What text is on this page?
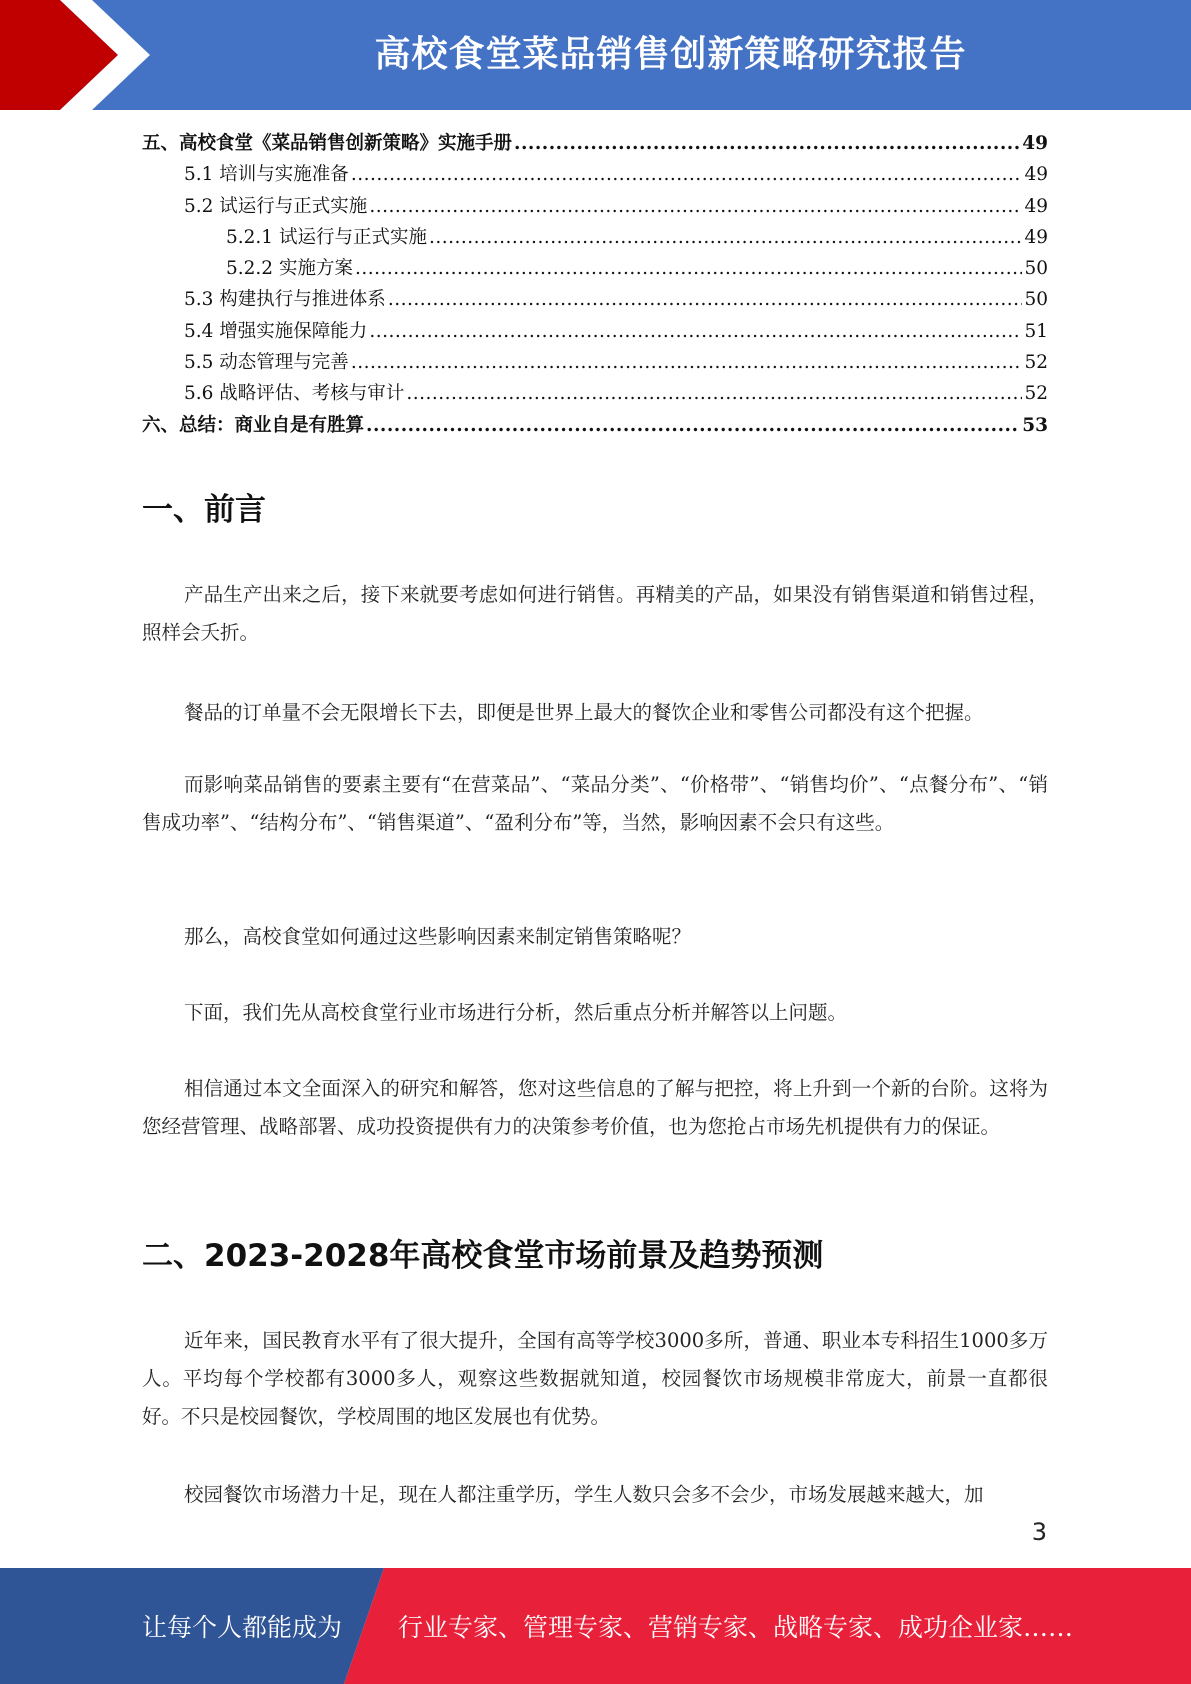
高校食堂菜品销售创新策略研究报告
五、高校食堂《菜品销售创新策略》实施手册 .....	49
5.1 培训与实施准备 .....	49
5.2 试运行与正式实施 .....	49
5.2.1 试运行与正式实施 .....	49
5.2.2 实施方案 .....	50
5.3 构建执行与推进体系 .....	50
5.4 增强实施保障能力 .....	51
5.5 动态管理与完善 .....	52
5.6 战略评估、考核与审计 .....	52
六、总结：商业自是有胜算 .....	53
一、前言
产品生产出来之后，接下来就要考虑如何进行销售。再精美的产品，如果没有销售渠道和销售过程，照样会夭折。
餐品的订单量不会无限增长下去，即便是世界上最大的餐饮企业和零售公司都没有这个把握。
而影响菜品销售的要素主要有“在营菜品”、“菜品分类”、“价格带”、“销售均价”、“点餐分布”、“销售成功率”、“结构分布”、“销售渠道”、“盈利分布”等，当然，影响因素不会只有这些。
那么，高校食堂如何通过这些影响因素来制定销售策略呢？
下面，我们先从高校食堂行业市场进行分析，然后重点分析并解答以上问题。
相信通过本文全面深入的研究和解答，您对这些信息的了解与把控，将上升到一个新的台阶。这将为您经营管理、战略部署、成功投资提供有力的决策参考价值，也为您抢占市场先机提供有力的保证。
二、2023-2028年高校食堂市场前景及趋势预测
近年来，国民教育水平有了很大提升，全国有高等学校3000多所，普通、职业本专科招生1000多万人。平均每个学校都有3000多人，观察这些数据就知道，校园餐饮市场规模非常庞大，前景一直都很好。不只是校园餐饮，学校周围的地区发展也有优势。
校园餐饮市场潜力十足，现在人都注重学历，学生人数只会多不会少，市场发展越来越大，加
3
让每个人都能成为 行业专家、管理专家、营销专家、战略专家、成功企业家……
